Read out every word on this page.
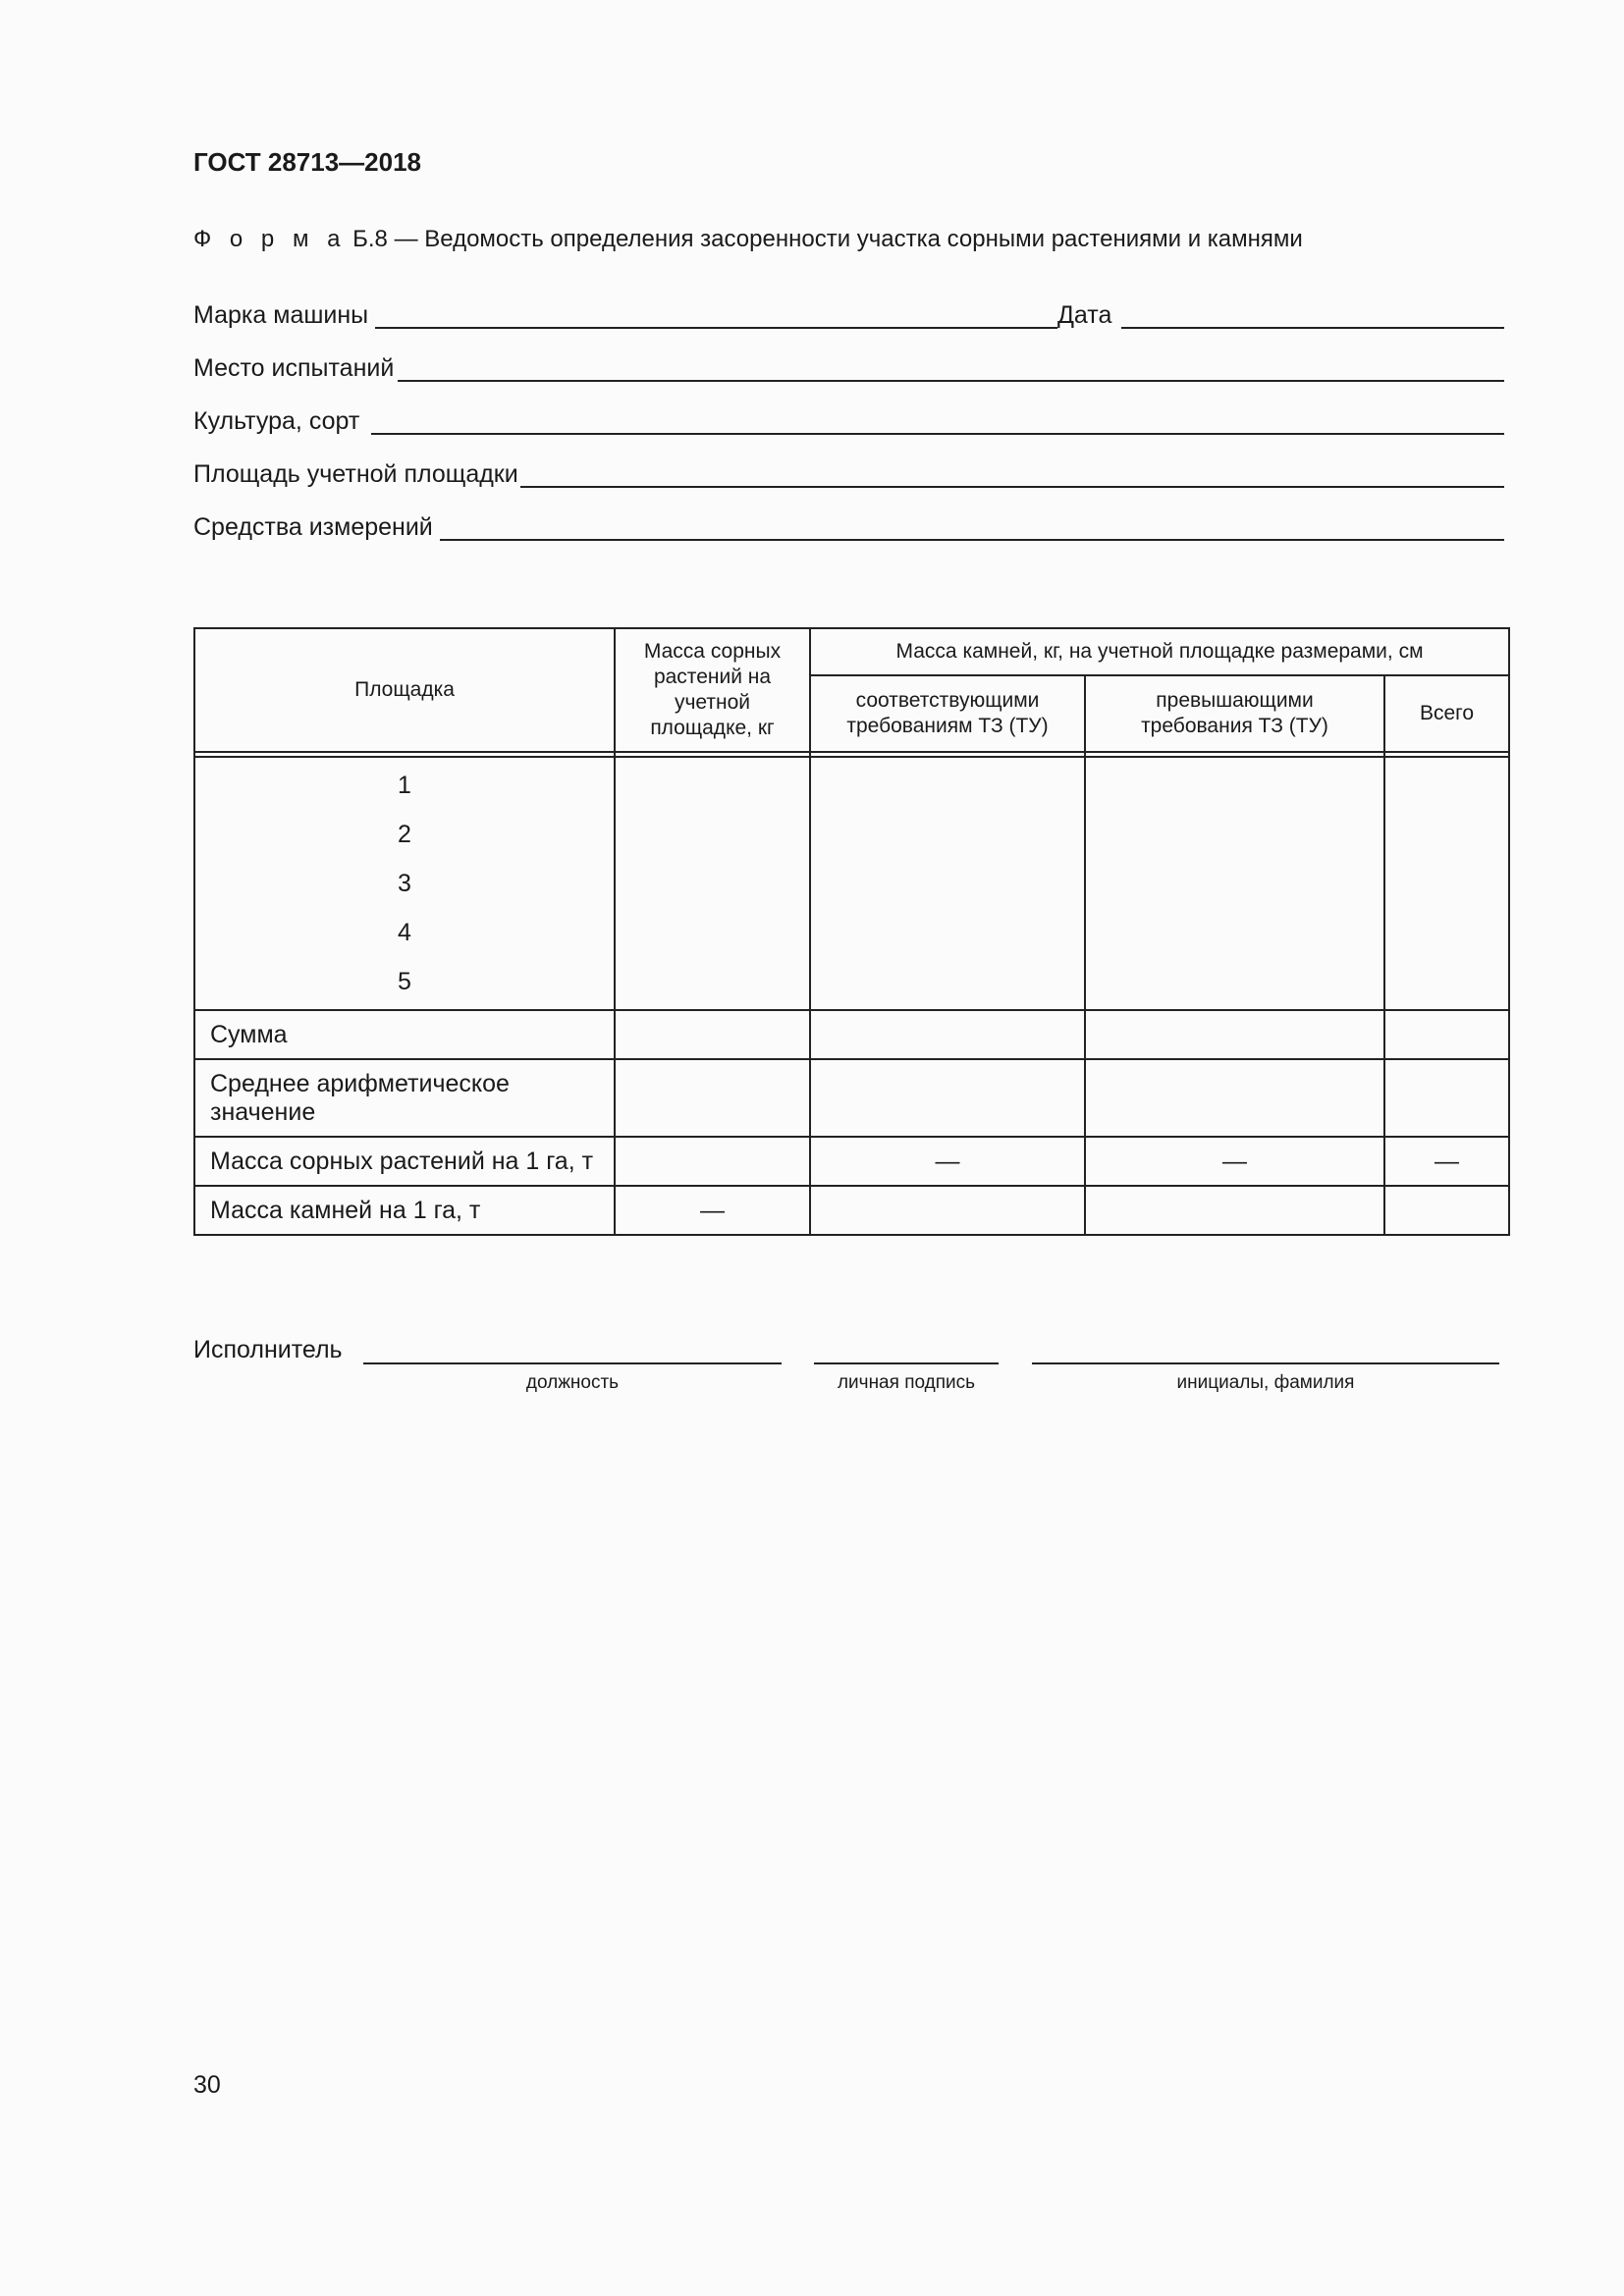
ГОСТ 28713—2018
Ф о р м а Б.8 — Ведомость определения засоренности участка сорными растениями и камнями
Марка машины	Дата
Место испытаний
Культура, сорт
Площадь учетной площадки
Средства измерений
Площадка	Масса сорных растений на учетной площадке, кг	Масса камней, кг, на учетной площадке размерами, см		
		соответствующими требованиям ТЗ (ТУ)	превышающими требования ТЗ (ТУ)	Всего

1
2
3
4
5				

Сумма				
Среднее арифметическое значение				
Масса сорных растений на 1 га, т		—	—	—
Масса камней на 1 га, т	—			
Исполнитель
должность	личная подпись	инициалы, фамилия
30
